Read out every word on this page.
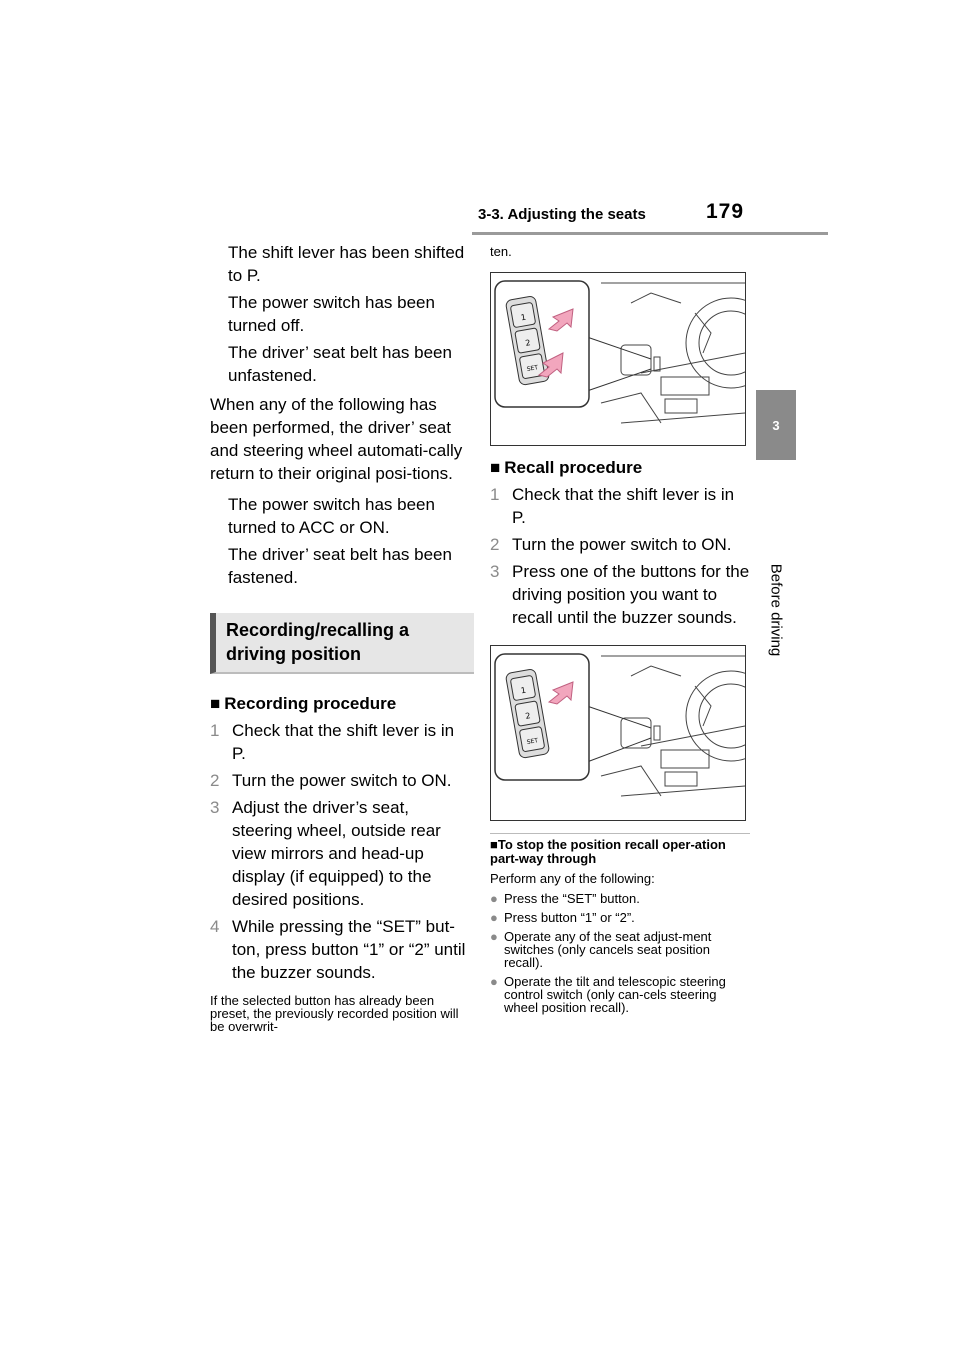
3-3. Adjusting the seats	179
3
Before driving
The shift lever has been shifted to P.
The power switch has been turned off.
The driver’ seat belt has been unfastened.
When any of the following has been performed, the driver’ seat and steering wheel automati-cally return to their original posi-tions.
The power switch has been turned to ACC or ON.
The driver’ seat belt has been fastened.
Recording/recalling a driving position
■ Recording procedure
1 Check that the shift lever is in P.
2 Turn the power switch to ON.
3 Adjust the driver’s seat, steering wheel, outside rear view mirrors and head-up display (if equipped) to the desired positions.
4 While pressing the “SET” but-ton, press button “1” or “2” until the buzzer sounds.
If the selected button has already been preset, the previously recorded position will be overwrit-
ten.
1
2
SET
■ Recall procedure
1 Check that the shift lever is in P.
2 Turn the power switch to ON.
3 Press one of the buttons for the driving position you want to recall until the buzzer sounds.
1
2
SET
■To stop the position recall oper-ation part-way through
Perform any of the following:
● Press the “SET” button.
● Press button “1” or “2”.
● Operate any of the seat adjust-ment switches (only cancels seat position recall).
● Operate the tilt and telescopic steering control switch (only can-cels steering wheel position recall).
